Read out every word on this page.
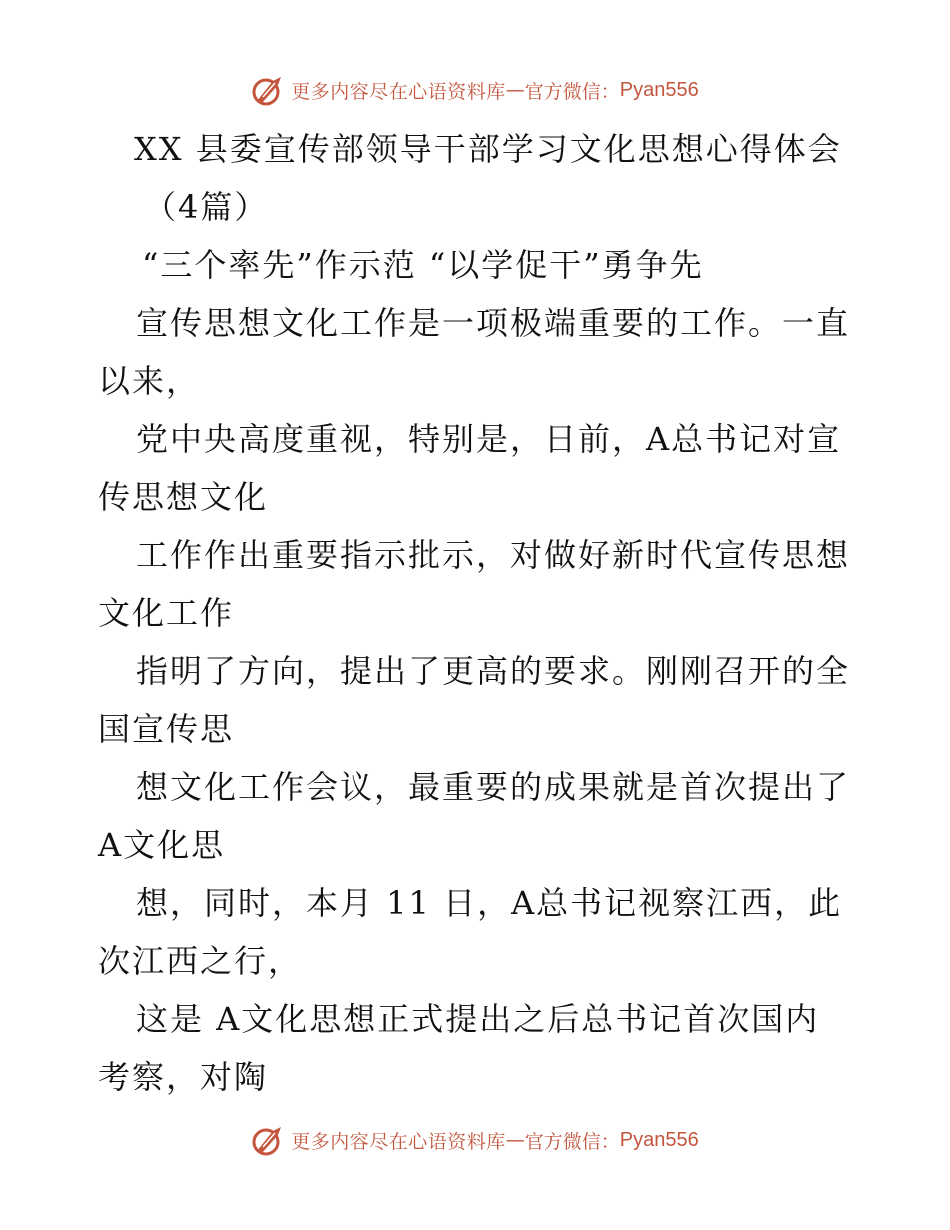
更多内容尽在心语资料库 — 官方微信： Pyan556
XX 县委宣传部领导干部学习文化思想心得体会
（4篇）
“三个率先”作示范 “以学促干”勇争先
宣传思想文化工作是一项极端重要的工作。一直
以来，
党中央高度重视，特别是，日前，A总书记对宣
传思想文化
工作作出重要指示批示，对做好新时代宣传思想
文化工作
指明了方向，提出了更高的要求。刚刚召开的全
国宣传思
想文化工作会议，最重要的成果就是首次提出了
A文化思
想，同时，本月 11 日，A总书记视察江西，此
次江西之行，
这是 A文化思想正式提出之后总书记首次国内
考察，对陶
更多内容尽在心语资料库 — 官方微信： Pyan556
